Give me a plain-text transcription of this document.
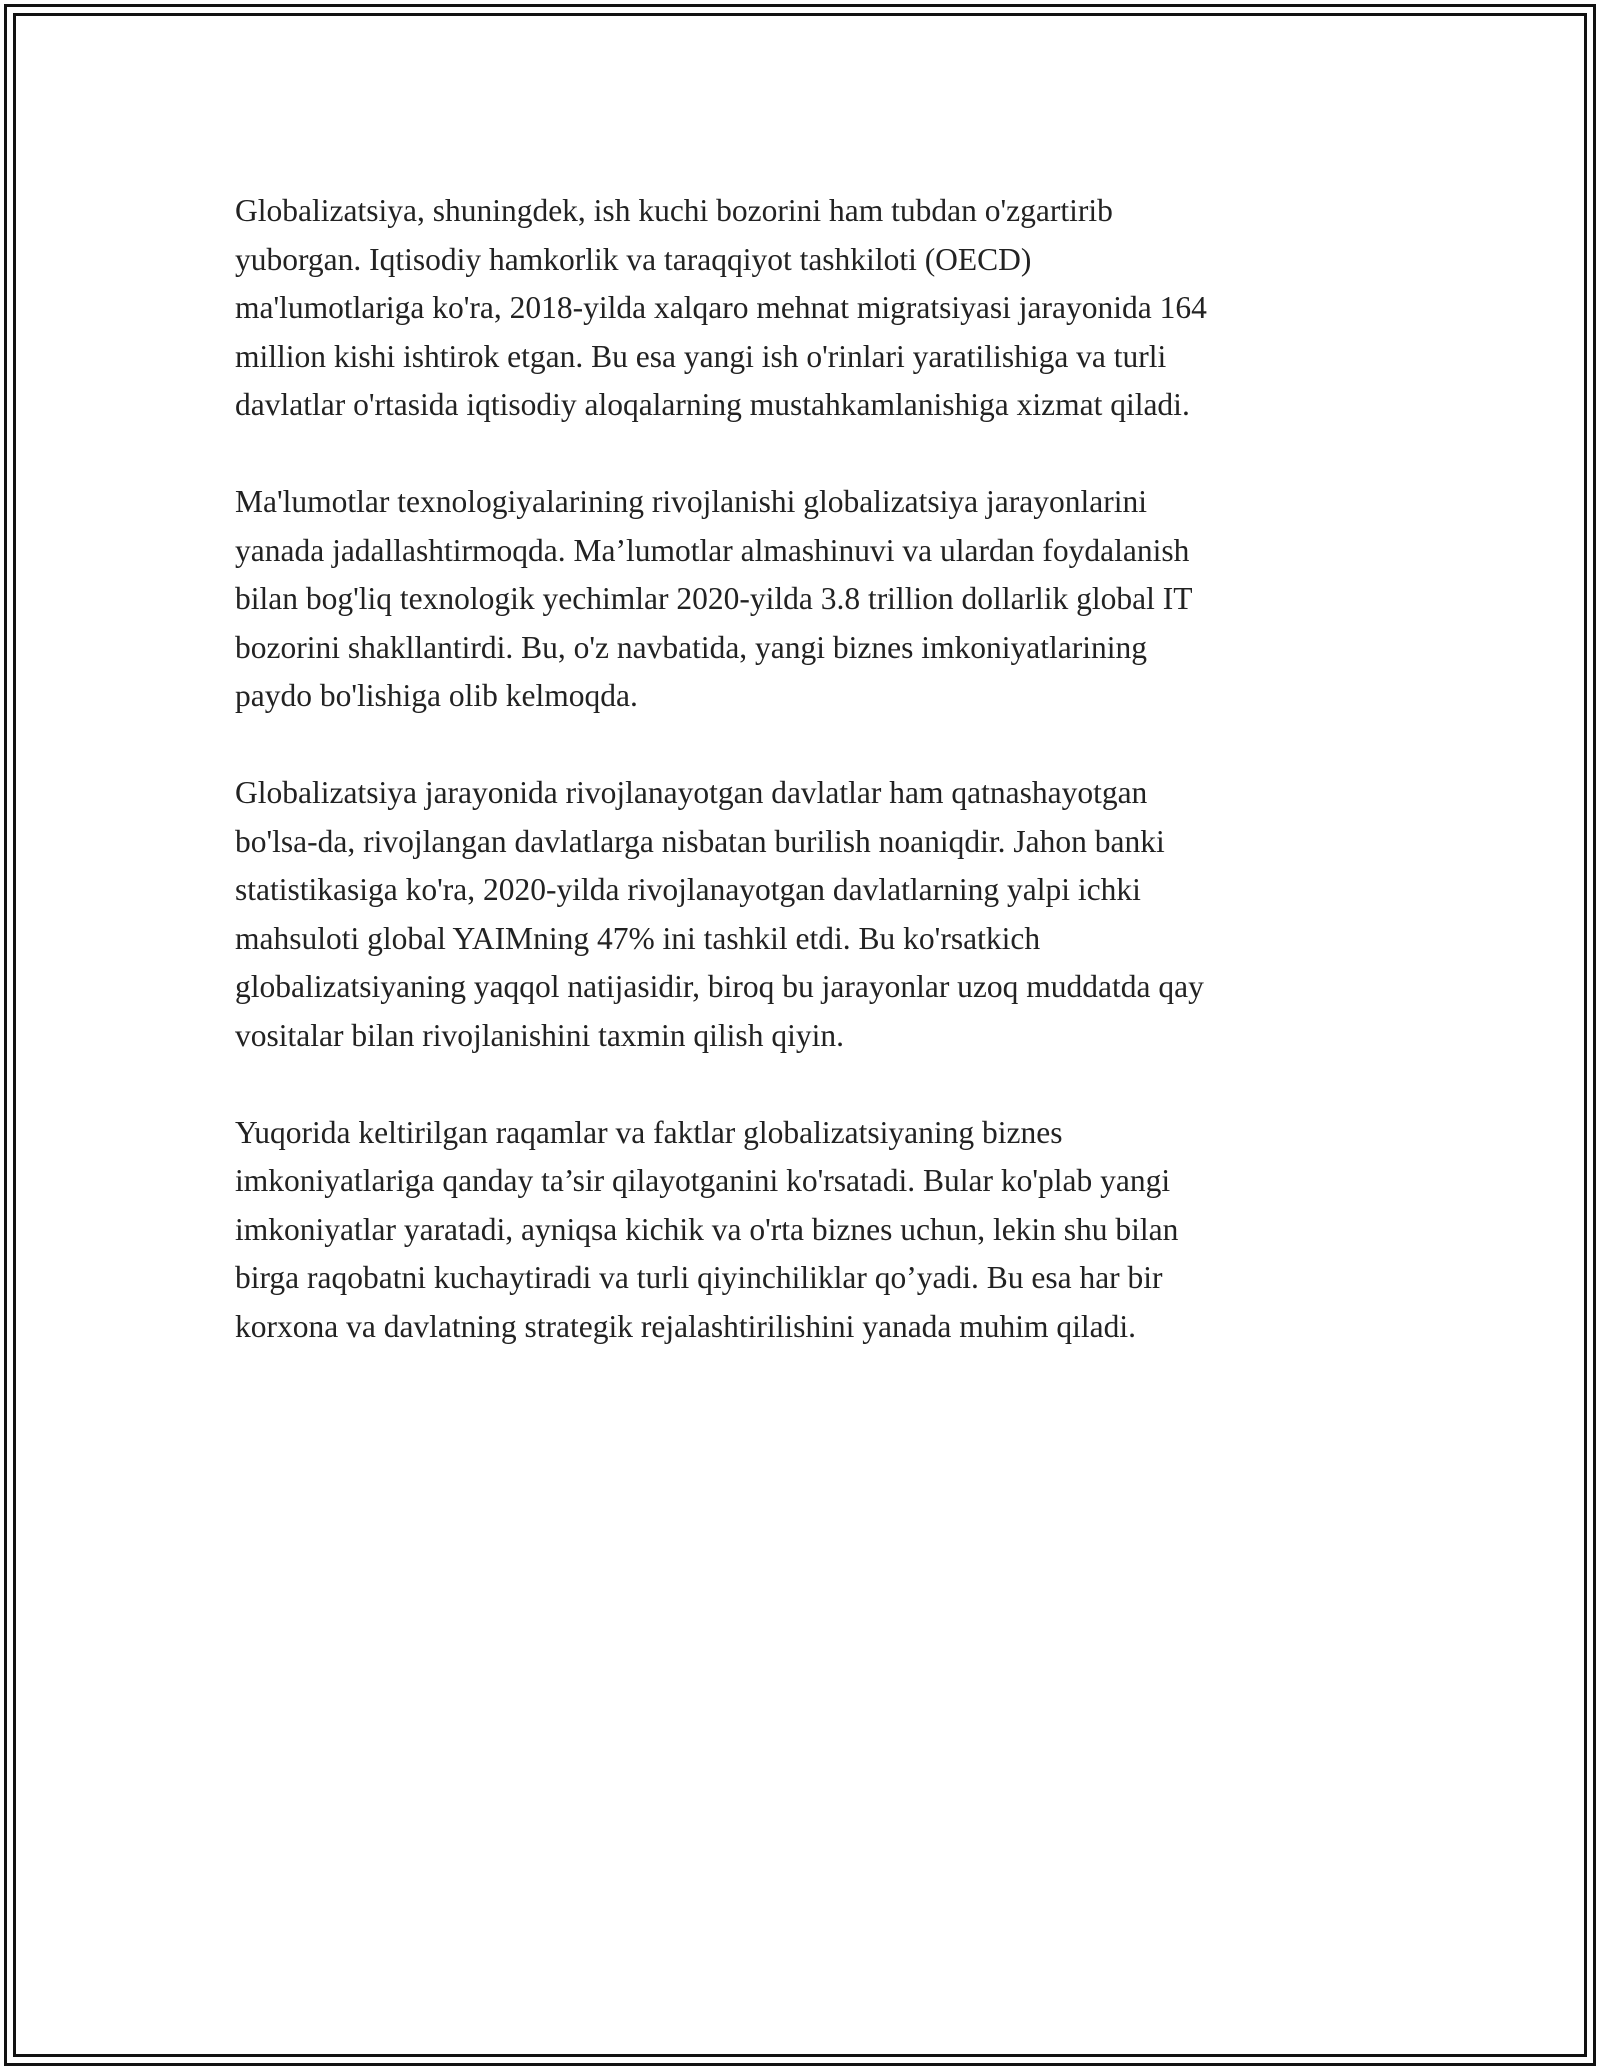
Globalizatsiya, shuningdek, ish kuchi bozorini ham tubdan o'zgartirib
yuborgan. Iqtisodiy hamkorlik va taraqqiyot tashkiloti (OECD)
ma'lumotlariga ko'ra, 2018-yilda xalqaro mehnat migratsiyasi jarayonida 164
million kishi ishtirok etgan. Bu esa yangi ish o'rinlari yaratilishiga va turli
davlatlar o'rtasida iqtisodiy aloqalarning mustahkamlanishiga xizmat qiladi.

Ma'lumotlar texnologiyalarining rivojlanishi globalizatsiya jarayonlarini
yanada jadallashtirmoqda. Ma’lumotlar almashinuvi va ulardan foydalanish
bilan bog'liq texnologik yechimlar 2020-yilda 3.8 trillion dollarlik global IT
bozorini shakllantirdi. Bu, o'z navbatida, yangi biznes imkoniyatlarining
paydo bo'lishiga olib kelmoqda.

Globalizatsiya jarayonida rivojlanayotgan davlatlar ham qatnashayotgan
bo'lsa-da, rivojlangan davlatlarga nisbatan burilish noaniqdir. Jahon banki
statistikasiga ko'ra, 2020-yilda rivojlanayotgan davlatlarning yalpi ichki
mahsuloti global YAIMning 47% ini tashkil etdi. Bu ko'rsatkich
globalizatsiyaning yaqqol natijasidir, biroq bu jarayonlar uzoq muddatda qay
vositalar bilan rivojlanishini taxmin qilish qiyin.

Yuqorida keltirilgan raqamlar va faktlar globalizatsiyaning biznes
imkoniyatlariga qanday ta’sir qilayotganini ko'rsatadi. Bular ko'plab yangi
imkoniyatlar yaratadi, ayniqsa kichik va o'rta biznes uchun, lekin shu bilan
birga raqobatni kuchaytiradi va turli qiyinchiliklar qo’yadi. Bu esa har bir
korxona va davlatning strategik rejalashtirilishini yanada muhim qiladi.
